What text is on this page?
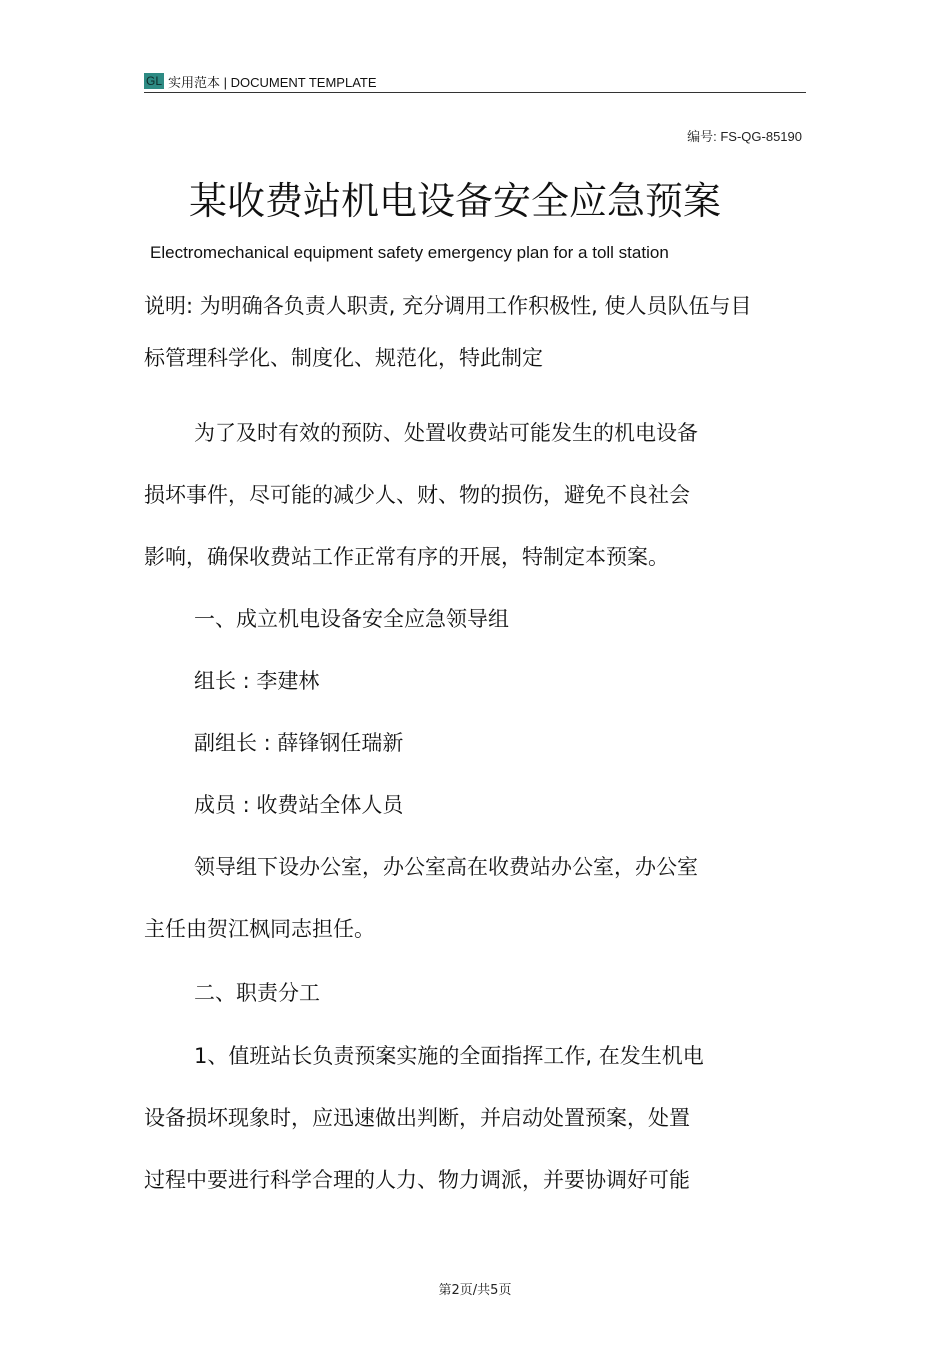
GL 实用范本 | DOCUMENT TEMPLATE
编号: FS-QG-85190
某收费站机电设备安全应急预案
Electromechanical equipment safety emergency plan for a toll station
说明: 为明确各负责人职责, 充分调用工作积极性, 使人员队伍与目
标管理科学化、制度化、规范化，特此制定
为了及时有效的预防、处置收费站可能发生的机电设备
损坏事件，尽可能的减少人、财、物的损伤，避免不良社会
影响，确保收费站工作正常有序的开展，特制定本预案。
一、成立机电设备安全应急领导组
组长 : 李建林
副组长 : 薛锋钢任瑞新
成员 : 收费站全体人员
领导组下设办公室，办公室高在收费站办公室，办公室
主任由贺江枫同志担任。
二、职责分工
1、值班站长负责预案实施的全面指挥工作, 在发生机电
设备损坏现象时，应迅速做出判断，并启动处置预案，处置
过程中要进行科学合理的人力、物力调派，并要协调好可能
第2页/共5页
